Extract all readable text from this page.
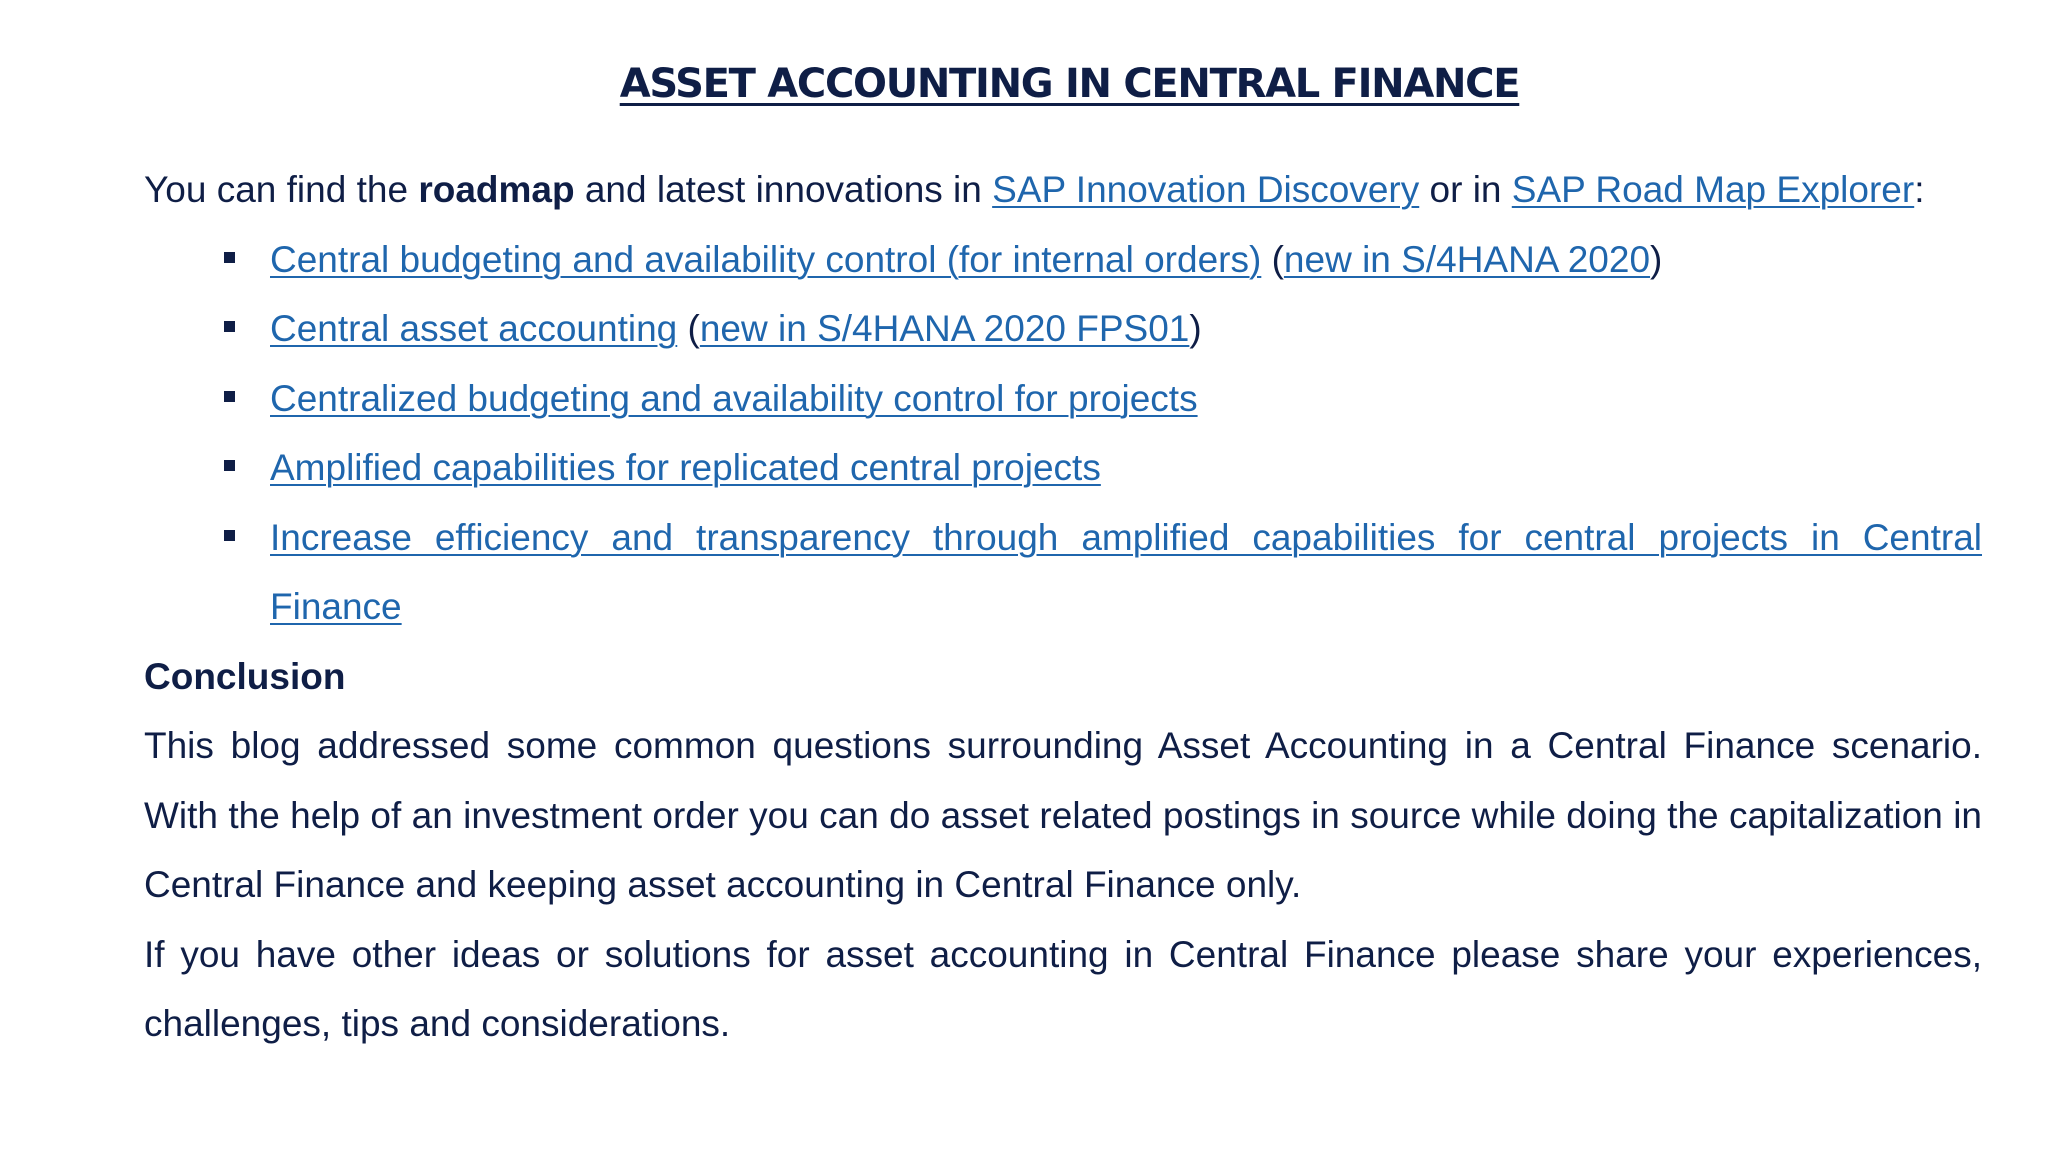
ASSET ACCOUNTING IN CENTRAL FINANCE

You can find the roadmap and latest innovations in SAP Innovation Discovery or in SAP Road Map Explorer:

Central budgeting and availability control (for internal orders) (new in S/4HANA 2020)
Central asset accounting (new in S/4HANA 2020 FPS01)
Centralized budgeting and availability control for projects
Amplified capabilities for replicated central projects
Increase efficiency and transparency through amplified capabilities for central projects in Central Finance

Conclusion

This blog addressed some common questions surrounding Asset Accounting in a Central Finance scenario. With the help of an investment order you can do asset related postings in source while doing the capitalization in Central Finance and keeping asset accounting in Central Finance only.

If you have other ideas or solutions for asset accounting in Central Finance please share your experiences, challenges, tips and considerations.
